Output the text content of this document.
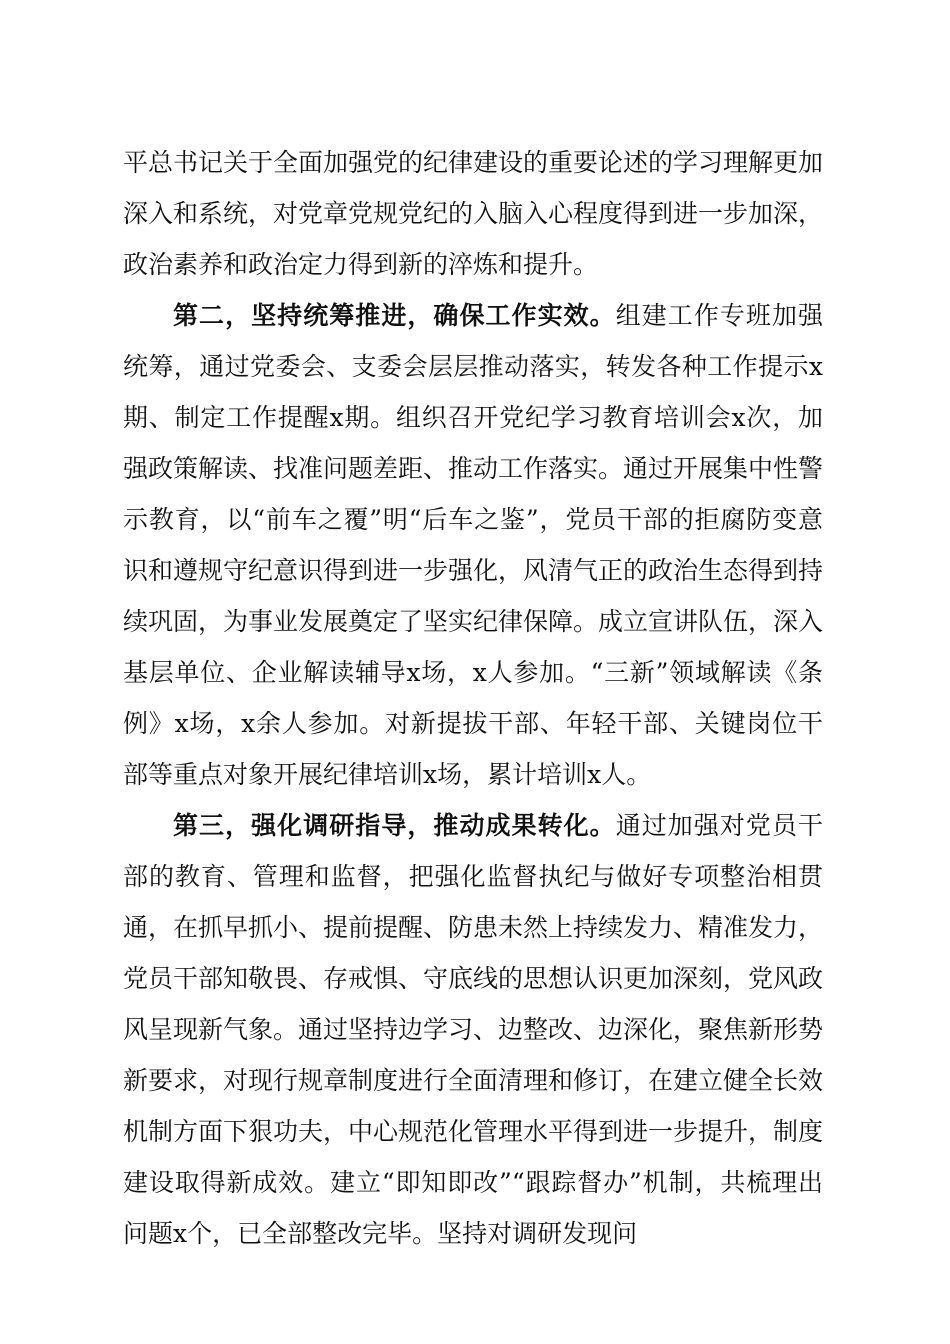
平总书记关于全面加强党的纪律建设的重要论述的学习理解更加深入和系统，对党章党规党纪的入脑入心程度得到进一步加深，政治素养和政治定力得到新的淬炼和提升。

第二，坚持统筹推进，确保工作实效。组建工作专班加强统筹，通过党委会、支委会层层推动落实，转发各种工作提示x期、制定工作提醒x期。组织召开党纪学习教育培训会x次，加强政策解读、找准问题差距、推动工作落实。通过开展集中性警示教育，以“前车之覆”明“后车之鉴”，党员干部的拒腐防变意识和遵规守纪意识得到进一步强化，风清气正的政治生态得到持续巩固，为事业发展奠定了坚实纪律保障。成立宣讲队伍，深入基层单位、企业解读辅导x场，x人参加。“三新”领域解读《条例》x场，x余人参加。对新提拔干部、年轻干部、关键岗位干部等重点对象开展纪律培训x场，累计培训x人。

第三，强化调研指导，推动成果转化。通过加强对党员干部的教育、管理和监督，把强化监督执纪与做好专项整治相贯通，在抓早抓小、提前提醒、防患未然上持续发力、精准发力，党员干部知敬畏、存戒惧、守底线的思想认识更加深刻，党风政风呈现新气象。通过坚持边学习、边整改、边深化，聚焦新形势新要求，对现行规章制度进行全面清理和修订，在建立健全长效机制方面下狠功夫，中心规范化管理水平得到进一步提升，制度建设取得新成效。建立“即知即改”“跟踪督办”机制，共梳理出问题x个，已全部整改完毕。坚持对调研发现问
